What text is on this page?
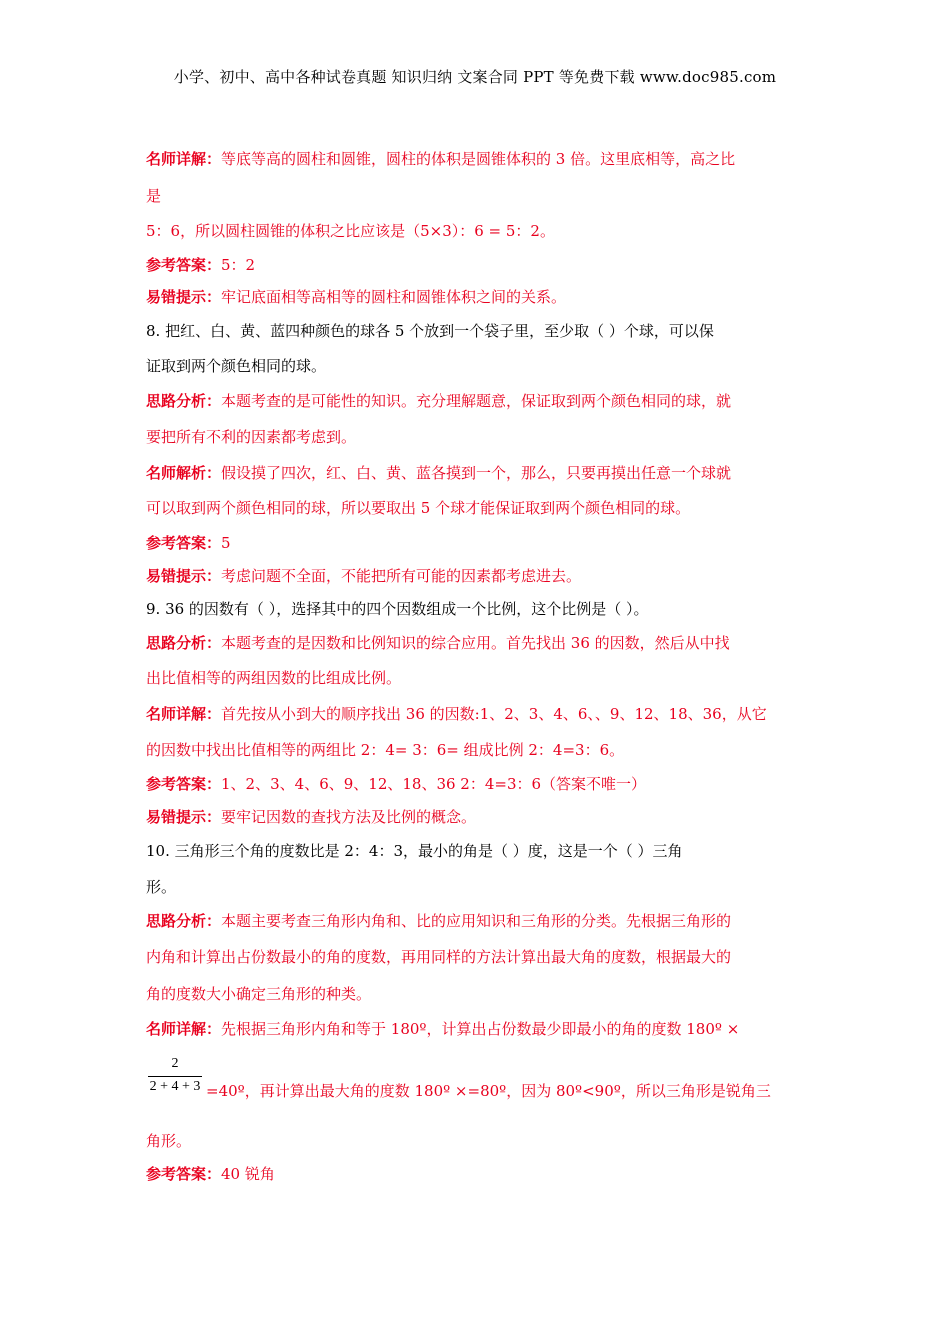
小学、初中、高中各种试卷真题 知识归纳 文案合同 PPT 等免费下载 www.doc985.com
名师详解：等底等高的圆柱和圆锥，圆柱的体积是圆锥体积的 3 倍。这里底相等，高之比
是
5：6，所以圆柱圆锥的体积之比应该是（5×3）：6 = 5：2。
参考答案：5：2
易错提示：牢记底面相等高相等的圆柱和圆锥体积之间的关系。
8. 把红、白、黄、蓝四种颜色的球各 5 个放到一个袋子里，至少取（ ）个球，可以保
证取到两个颜色相同的球。
思路分析：本题考查的是可能性的知识。充分理解题意，保证取到两个颜色相同的球，就
要把所有不利的因素都考虑到。
名师解析：假设摸了四次，红、白、黄、蓝各摸到一个，那么，只要再摸出任意一个球就
可以取到两个颜色相同的球，所以要取出 5 个球才能保证取到两个颜色相同的球。
参考答案：5
易错提示：考虑问题不全面，不能把所有可能的因素都考虑进去。
9. 36 的因数有（ ），选择其中的四个因数组成一个比例，这个比例是（ ）。
思路分析：本题考查的是因数和比例知识的综合应用。首先找出 36 的因数，然后从中找
出比值相等的两组因数的比组成比例。
名师详解：首先按从小到大的顺序找出 36 的因数:1、2、3、4、6、、9、12、18、36，从它
的因数中找出比值相等的两组比 2：4= 3：6= 组成比例 2：4=3：6。
参考答案：1、2、3、4、6、9、12、18、36 2：4=3：6（答案不唯一）
易错提示：要牢记因数的查找方法及比例的概念。
10. 三角形三个角的度数比是 2：4：3，最小的角是（ ）度，这是一个（ ）三角
形。
思路分析：本题主要考查三角形内角和、比的应用知识和三角形的分类。先根据三角形的
内角和计算出占份数最小的角的度数，再用同样的方法计算出最大角的度数，根据最大的
角的度数大小确定三角形的种类。
名师详解：先根据三角形内角和等于 180º，计算出占份数最少即最小的角的度数 180º ×
2
2 + 4 + 3 =40º，再计算出最大角的度数 180º ×=80º，因为 80º<90º，所以三角形是锐角三
角形。
参考答案：40 锐角
